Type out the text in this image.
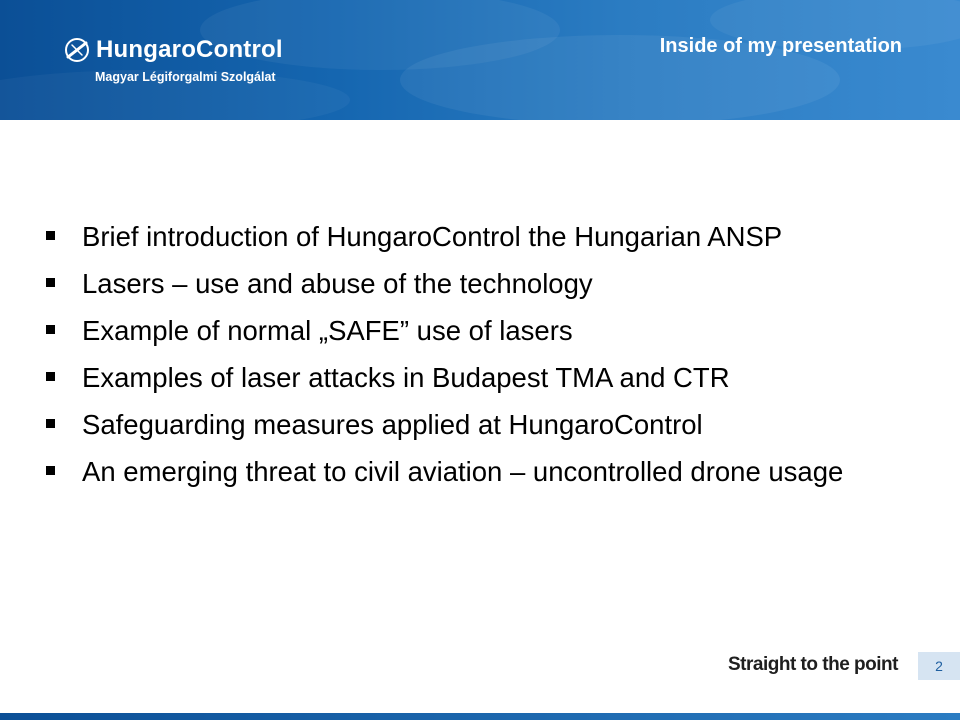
HungaroControl
Magyar Légiforgalmi Szolgálat
Inside of my presentation
Brief introduction of HungaroControl the Hungarian ANSP
Lasers – use and abuse of the technology
Example of normal „SAFE” use of lasers
Examples of laser attacks in Budapest TMA and CTR
Safeguarding measures applied at HungaroControl
An emerging threat to civil aviation – uncontrolled drone usage
Straight to the point	2
